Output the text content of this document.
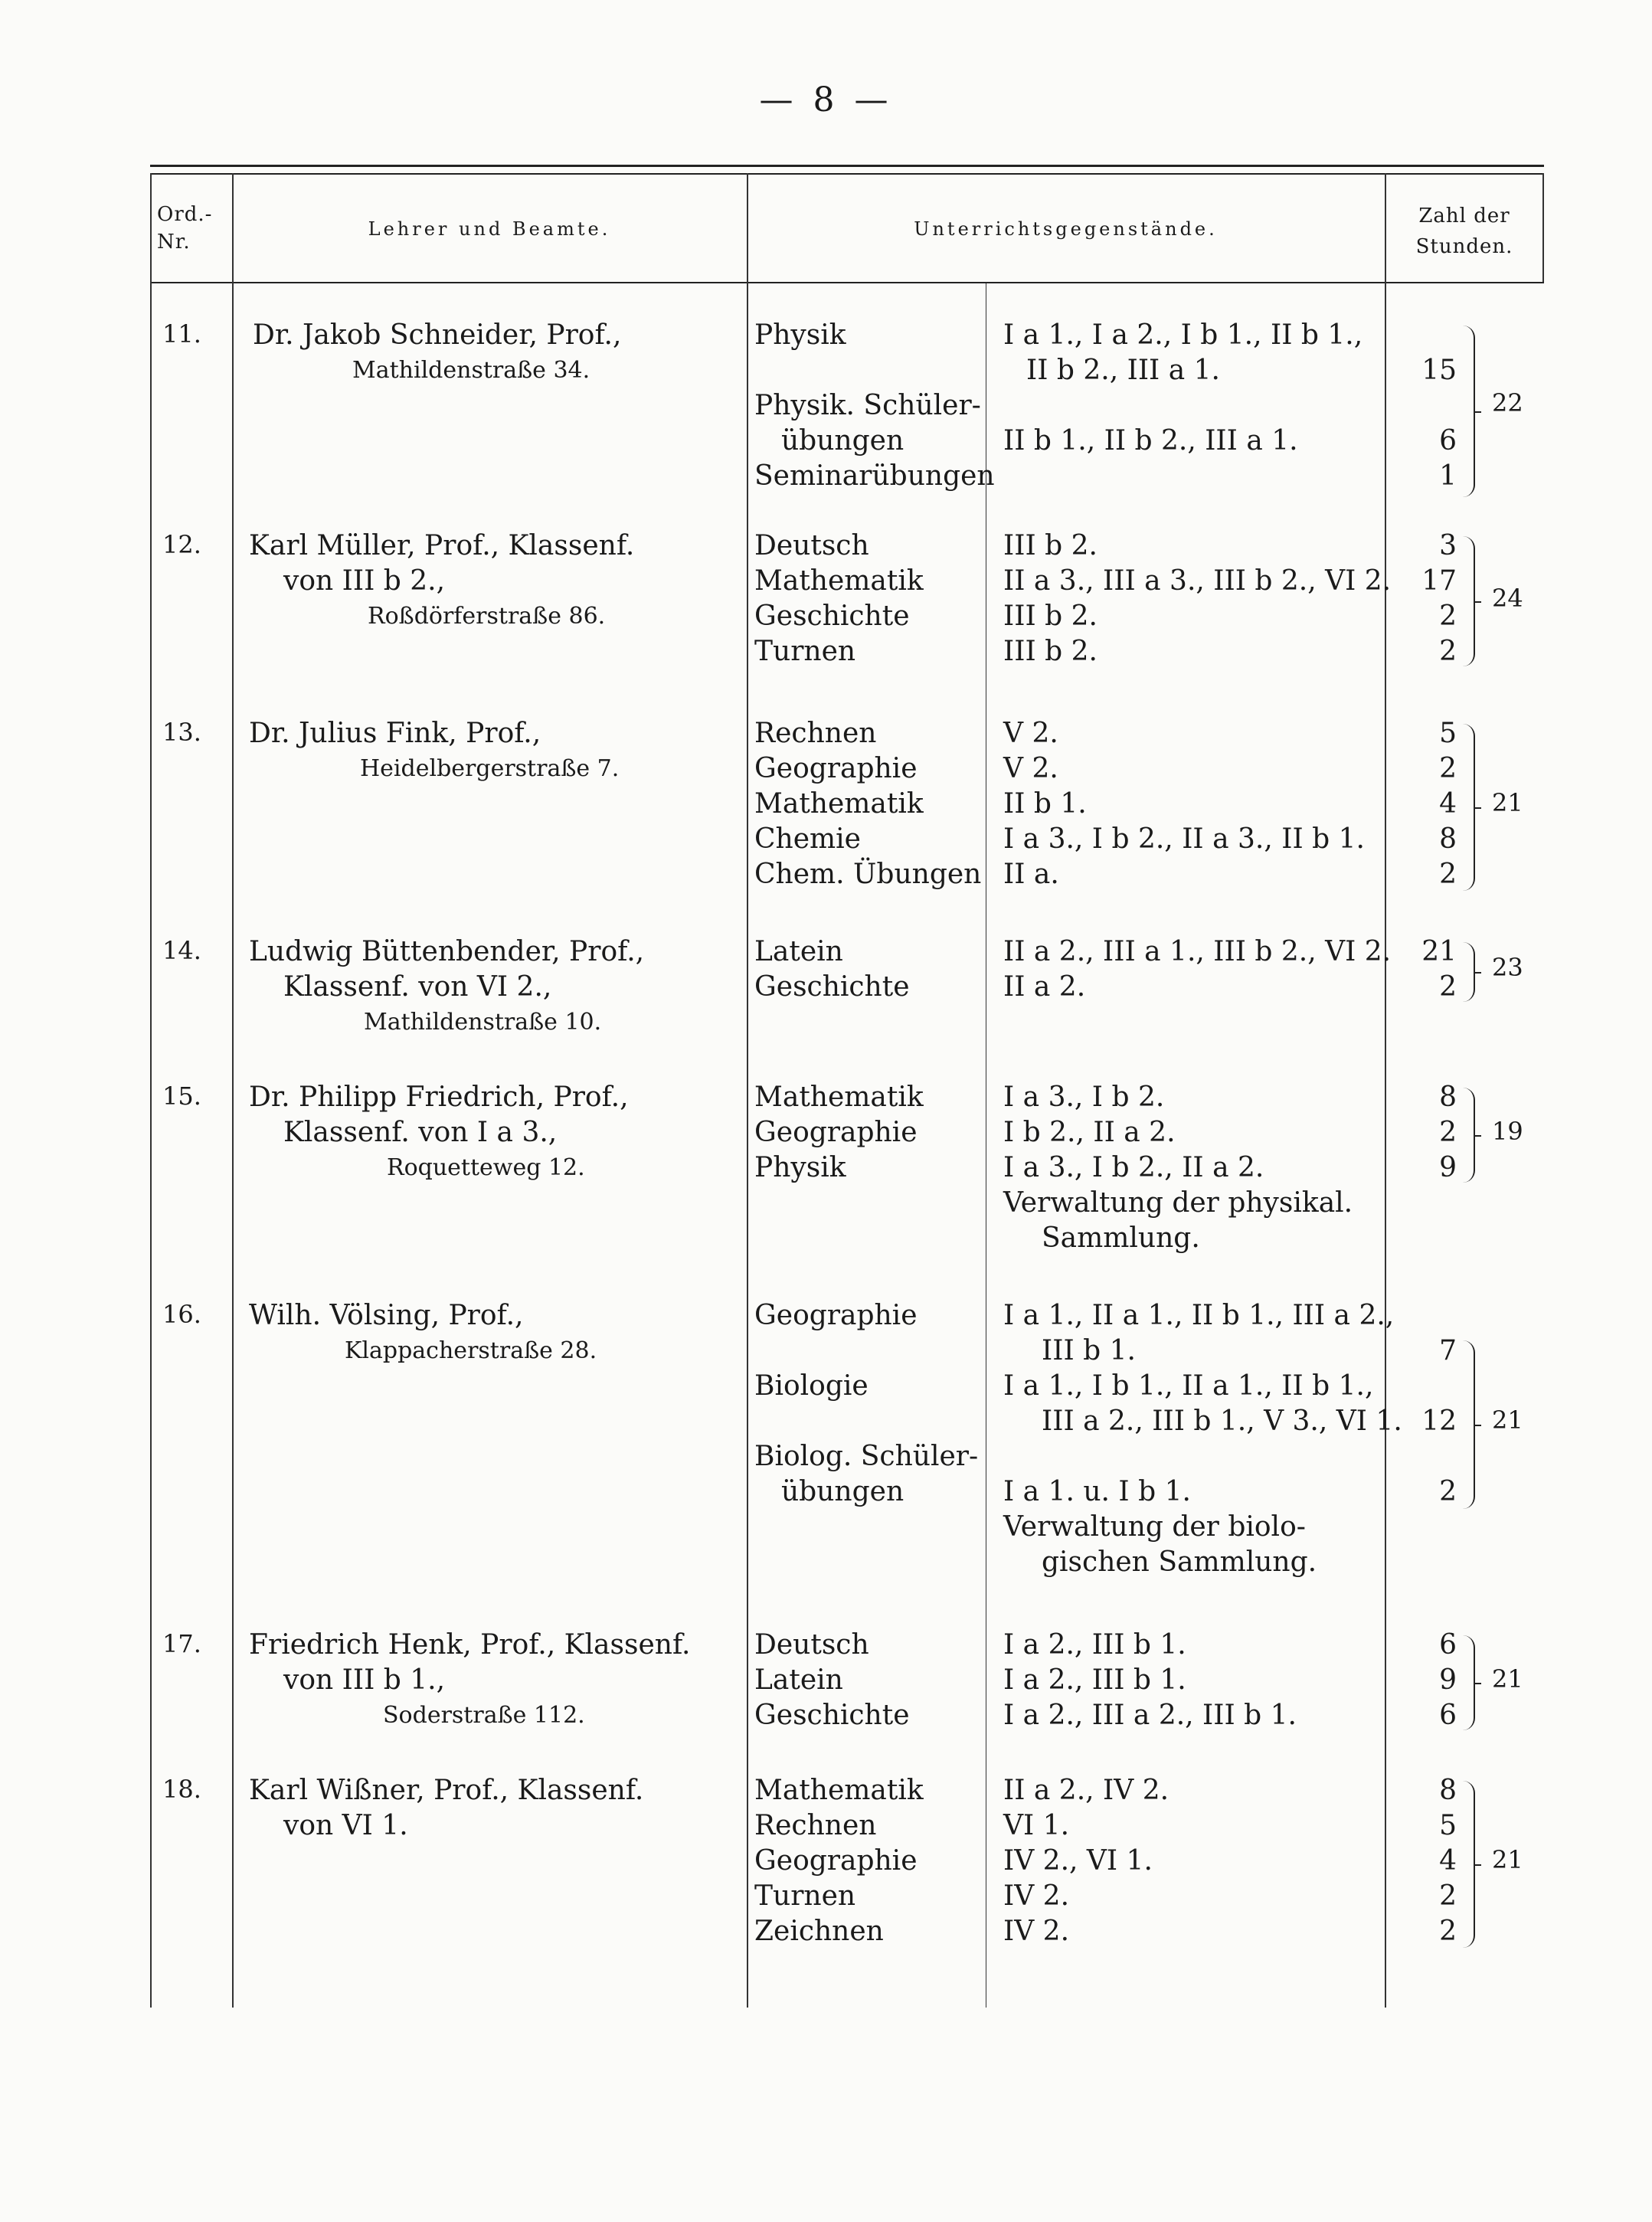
— 8 —
Ord.-
Nr.
Lehrer und Beamte.	Unterrichtsgegenstände.
Zahl der
Stunden.
11. Dr. Jakob Schneider, Prof.,
Mathildenstraße 34.
Physik
Physik. Schüler-
übungen
Seminarübungen
I a 1., I a 2., I b 1., II b 1.,
II b 2., III a 1.
II b 1., II b 2., III a 1.
15
6
1
22
12. Karl Müller, Prof., Klassenf.
von III b 2.,
Roßdörferstraße 86.
Deutsch
Mathematik
Geschichte
Turnen
III b 2.
II a 3., III a 3., III b 2., VI 2.
III b 2.
III b 2.
3
17
2
2
24
13. Dr. Julius Fink, Prof.,
Heidelbergerstraße 7.
Rechnen
Geographie
Mathematik
Chemie
Chem. Übungen
V 2.
V 2.
II b 1.
I a 3., I b 2., II a 3., II b 1.
II a.
5
2
4
8
2
21
14. Ludwig Büttenbender, Prof.,
Klassenf. von VI 2.,
Mathildenstraße 10.
Latein
Geschichte
II a 2., III a 1., III b 2., VI 2.
II a 2.
21
2
23
15. Dr. Philipp Friedrich, Prof.,
Klassenf. von I a 3.,
Roquetteweg 12.
Mathematik
Geographie
Physik
I a 3., I b 2.
I b 2., II a 2.
I a 3., I b 2., II a 2.
Verwaltung der physikal.
Sammlung.
8
2
9
19
16. Wilh. Völsing, Prof.,
Klappacherstraße 28.
Geographie
Biologie
Biolog. Schüler-
übungen
I a 1., II a 1., II b 1., III a 2.,
III b 1.
I a 1., I b 1., II a 1., II b 1.,
III a 2., III b 1., V 3., VI 1.
I a 1. u. I b 1.
Verwaltung der biolo-
gischen Sammlung.
7
12
2
21
17. Friedrich Henk, Prof., Klassenf.
von III b 1.,
Soderstraße 112.
Deutsch
Latein
Geschichte
I a 2., III b 1.
I a 2., III b 1.
I a 2., III a 2., III b 1.
6
9
6
21
18. Karl Wißner, Prof., Klassenf.
von VI 1.
Mathematik
Rechnen
Geographie
Turnen
Zeichnen
II a 2., IV 2.
VI 1.
IV 2., VI 1.
IV 2.
IV 2.
8
5
4
2
2
21
